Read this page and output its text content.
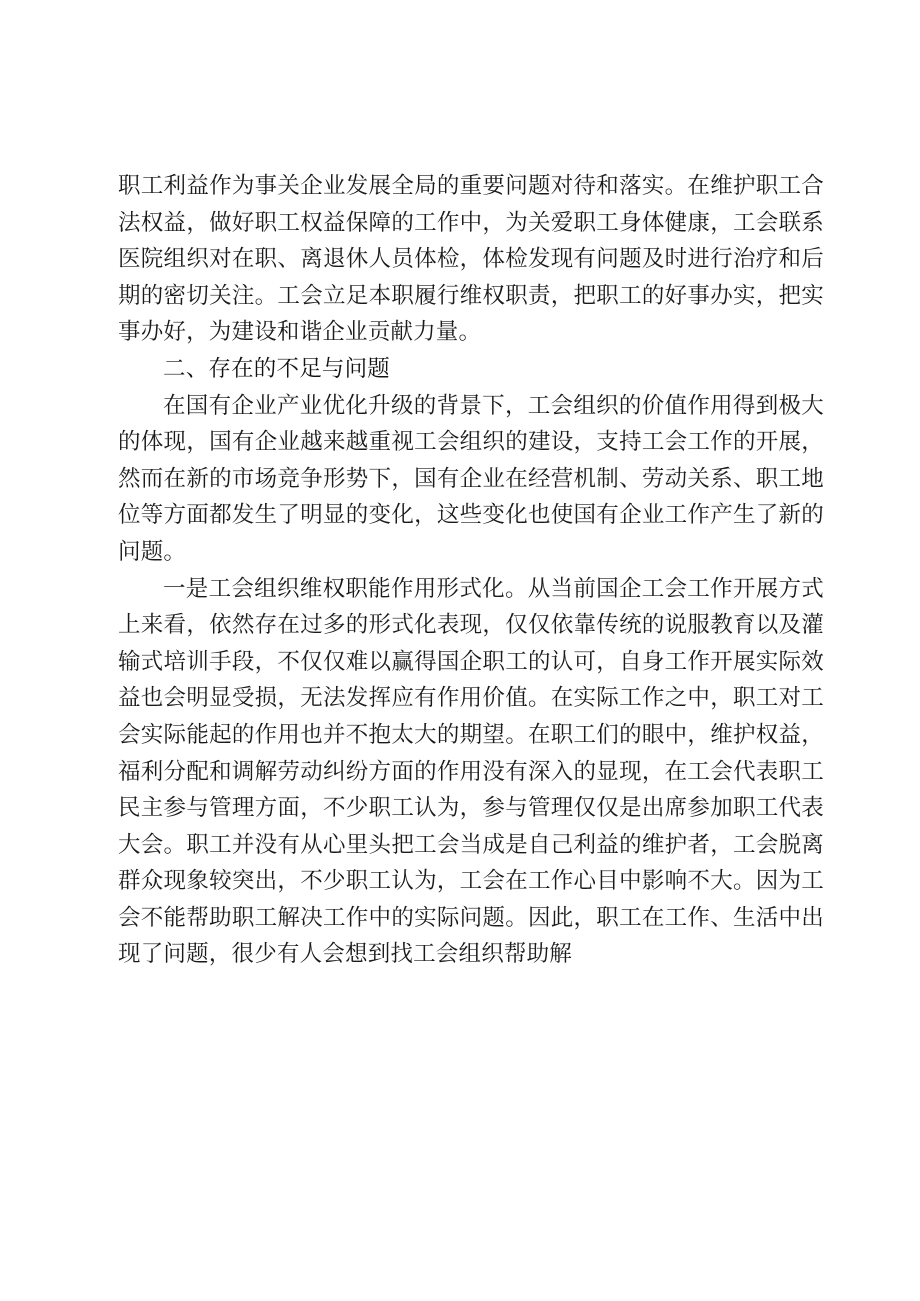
职工利益作为事关企业发展全局的重要问题对待和落实。在维护职工合法权益，做好职工权益保障的工作中，为关爱职工身体健康，工会联系医院组织对在职、离退休人员体检，体检发现有问题及时进行治疗和后期的密切关注。工会立足本职履行维权职责，把职工的好事办实，把实事办好，为建设和谐企业贡献力量。

二、存在的不足与问题

在国有企业产业优化升级的背景下，工会组织的价值作用得到极大的体现，国有企业越来越重视工会组织的建设，支持工会工作的开展，然而在新的市场竞争形势下，国有企业在经营机制、劳动关系、职工地位等方面都发生了明显的变化，这些变化也使国有企业工作产生了新的问题。

一是工会组织维权职能作用形式化。从当前国企工会工作开展方式上来看，依然存在过多的形式化表现，仅仅依靠传统的说服教育以及灌输式培训手段，不仅仅难以赢得国企职工的认可，自身工作开展实际效益也会明显受损，无法发挥应有作用价值。在实际工作之中，职工对工会实际能起的作用也并不抱太大的期望。在职工们的眼中，维护权益，福利分配和调解劳动纠纷方面的作用没有深入的显现，在工会代表职工民主参与管理方面，不少职工认为，参与管理仅仅是出席参加职工代表大会。职工并没有从心里头把工会当成是自己利益的维护者，工会脱离群众现象较突出，不少职工认为，工会在工作心目中影响不大。因为工会不能帮助职工解决工作中的实际问题。因此，职工在工作、生活中出现了问题，很少有人会想到找工会组织帮助解
